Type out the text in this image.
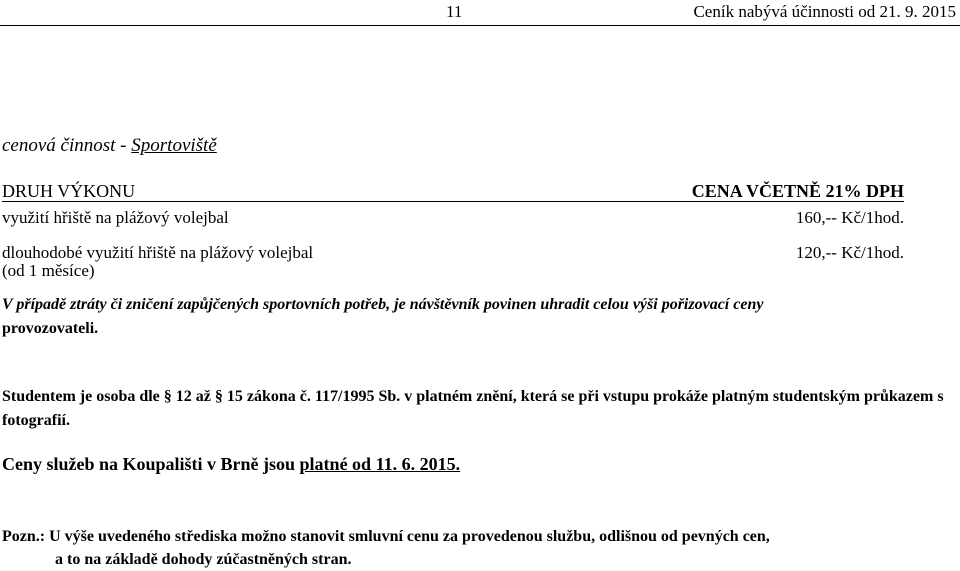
11	Ceník nabývá účinnosti od 21. 9. 2015
cenová činnost - Sportoviště
DRUH VÝKONU	CENA VČETNĚ 21% DPH
využití hřiště na plážový volejbal	160,-- Kč/1hod.
dlouhodobé využití hřiště na plážový volejbal	120,-- Kč/1hod.
(od 1 měsíce)
V případě ztráty či zničení zapůjčených sportovních potřeb, je návštěvník povinen uhradit celou výši pořizovací ceny
provozovateli.
Studentem je osoba dle § 12 až § 15 zákona č. 117/1995 Sb. v platném znění, která se při vstupu prokáže platným studentským průkazem s fotografií.
Ceny služeb na Koupališti v Brně jsou platné od 11. 6. 2015.
Pozn.: U výše uvedeného střediska možno stanovit smluvní cenu za provedenou službu, odlišnou od pevných cen,
a to na základě dohody zúčastněných stran.
